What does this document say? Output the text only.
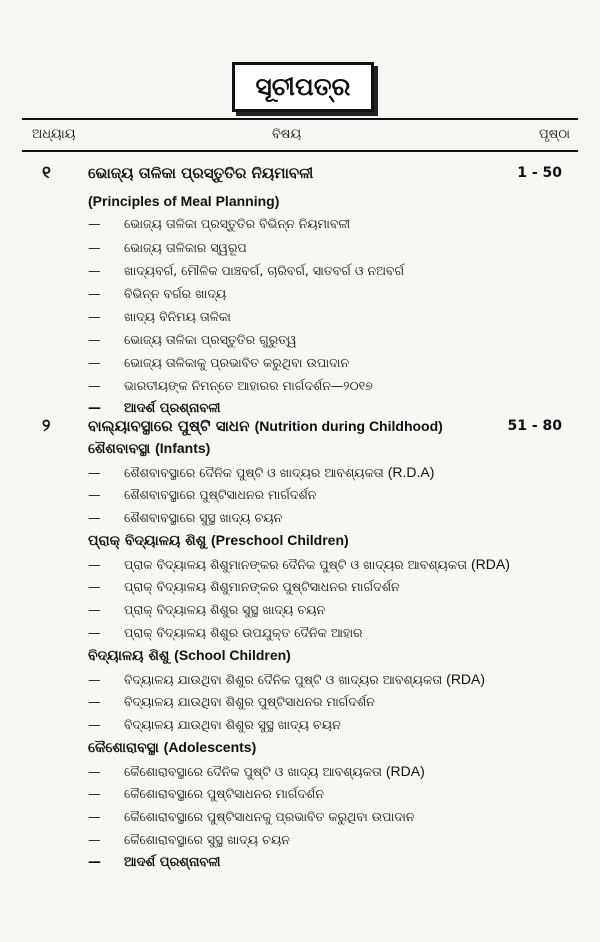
ସୂଚୀପତ୍ର
ଅଧ୍ୟାୟ	ବିଷୟ	ପୃଷ୍ଠା
୧ ଭୋଜ୍ୟ ତାଳିକା ପ୍ରସ୍ତୁତିର ନିୟମାବଳୀ	1 - 50
(Principles of Meal Planning)
— ଭୋଜ୍ୟ ତାଳିକା ପ୍ରସ୍ତୁତିର ବିଭିନ୍ନ ନିୟମାବଳୀ
— ଭୋଜ୍ୟ ତାଳିକାର ସ୍ୱରୂପ
— ଖାଦ୍ୟବର୍ଗ, ମୌଳିକ ପାଞ୍ଚବର୍ଗ, ଚାରିବର୍ଗ, ସାତବର୍ଗ ଓ ନଅବର୍ଗ
— ବିଭିନ୍ନ ବର୍ଗର ଖାଦ୍ୟ
— ଖାଦ୍ୟ ବିନିମୟ ତାଳିକା
— ଭୋଜ୍ୟ ତାଳିକା ପ୍ରସ୍ତୁତିର ଗୁରୁତ୍ୱ
— ଭୋଜ୍ୟ ତାଳିକାକୁ ପ୍ରଭାବିତ କରୁଥିବା ଉପାଦାନ
— ଭାରତୀୟଙ୍କ ନିମନ୍ତେ ଆହାରର ମାର୍ଗଦର୍ଶନ—୨୦୧୭
— ଆଦର୍ଶ ପ୍ରଶ୍ନାବଳୀ
୨	ବାଲ୍ୟାବସ୍ଥାରେ ପୁଷ୍ଟି ସାଧନ (Nutrition during Childhood)	51 - 80
ଶୈଶବାବସ୍ଥା (Infants)
— ଶୈଶବାବସ୍ଥାରେ ଦୈନିକ ପୁଷ୍ଟି ଓ ଖାଦ୍ୟର ଆବଶ୍ୟକତା (R.D.A)
— ଶୈଶବାବସ୍ଥାରେ ପୁଷ୍ଟିସାଧନର ମାର୍ଗଦର୍ଶନ
— ଶୈଶବାବସ୍ଥାରେ ସୁସ୍ଥ ଖାଦ୍ୟ ଚୟନ
ପ୍ରାକ୍ ବିଦ୍ୟାଳୟ ଶିଶୁ (Preschool Children)
— ପ୍ରାକ ବିଦ୍ୟାଳୟ ଶିଶୁମାନଙ୍କର ଦୈନିକ ପୁଷ୍ଟି ଓ ଖାଦ୍ୟର ଆବଶ୍ୟକତା (RDA)
— ପ୍ରାକ୍ ବିଦ୍ୟାଳୟ ଶିଶୁମାନଙ୍କର ପୁଷ୍ଟିସାଧନର ମାର୍ଗଦର୍ଶନ
— ପ୍ରାକ୍ ବିଦ୍ୟାଳୟ ଶିଶୁର ସୁସ୍ଥ ଖାଦ୍ୟ ଚୟନ
— ପ୍ରାକ୍ ବିଦ୍ୟାଳୟ ଶିଶୁର ଉପଯୁକ୍ତ ଦୈନିକ ଆହାର
ବିଦ୍ୟାଳୟ ଶିଶୁ (School Children)
— ବିଦ୍ୟାଳୟ ଯାଉଥିବା ଶିଶୁର ଦୈନିକ ପୁଷ୍ଟି ଓ ଖାଦ୍ୟର ଆବଶ୍ୟକତା (RDA)
— ବିଦ୍ୟାଳୟ ଯାଉଥିବା ଶିଶୁର ପୁଷ୍ଟିସାଧନର ମାର୍ଗଦର୍ଶନ
— ବିଦ୍ୟାଳୟ ଯାଉଥିବା ଶିଶୁର ସୁସ୍ଥ ଖାଦ୍ୟ ଚୟନ
କୈଶୋରାବସ୍ଥା (Adolescents)
— କୈଶୋରାବସ୍ଥାରେ ଦୈନିକ ପୁଷ୍ଟି ଓ ଖାଦ୍ୟ ଆବଶ୍ୟକତା (RDA)
— କୈଶୋରାବସ୍ଥାରେ ପୁଷ୍ଟିସାଧନର ମାର୍ଗଦର୍ଶନ
— କୈଶୋରାବସ୍ଥାରେ ପୁଷ୍ଟିସାଧନକୁ ପ୍ରଭାବିତ କରୁଥିବା ଉପାଦାନ
— କୈଶୋରାବସ୍ଥାରେ ସୁସ୍ଥ ଖାଦ୍ୟ ଚୟନ
— ଆଦର୍ଶ ପ୍ରଶ୍ନାବଳୀ
